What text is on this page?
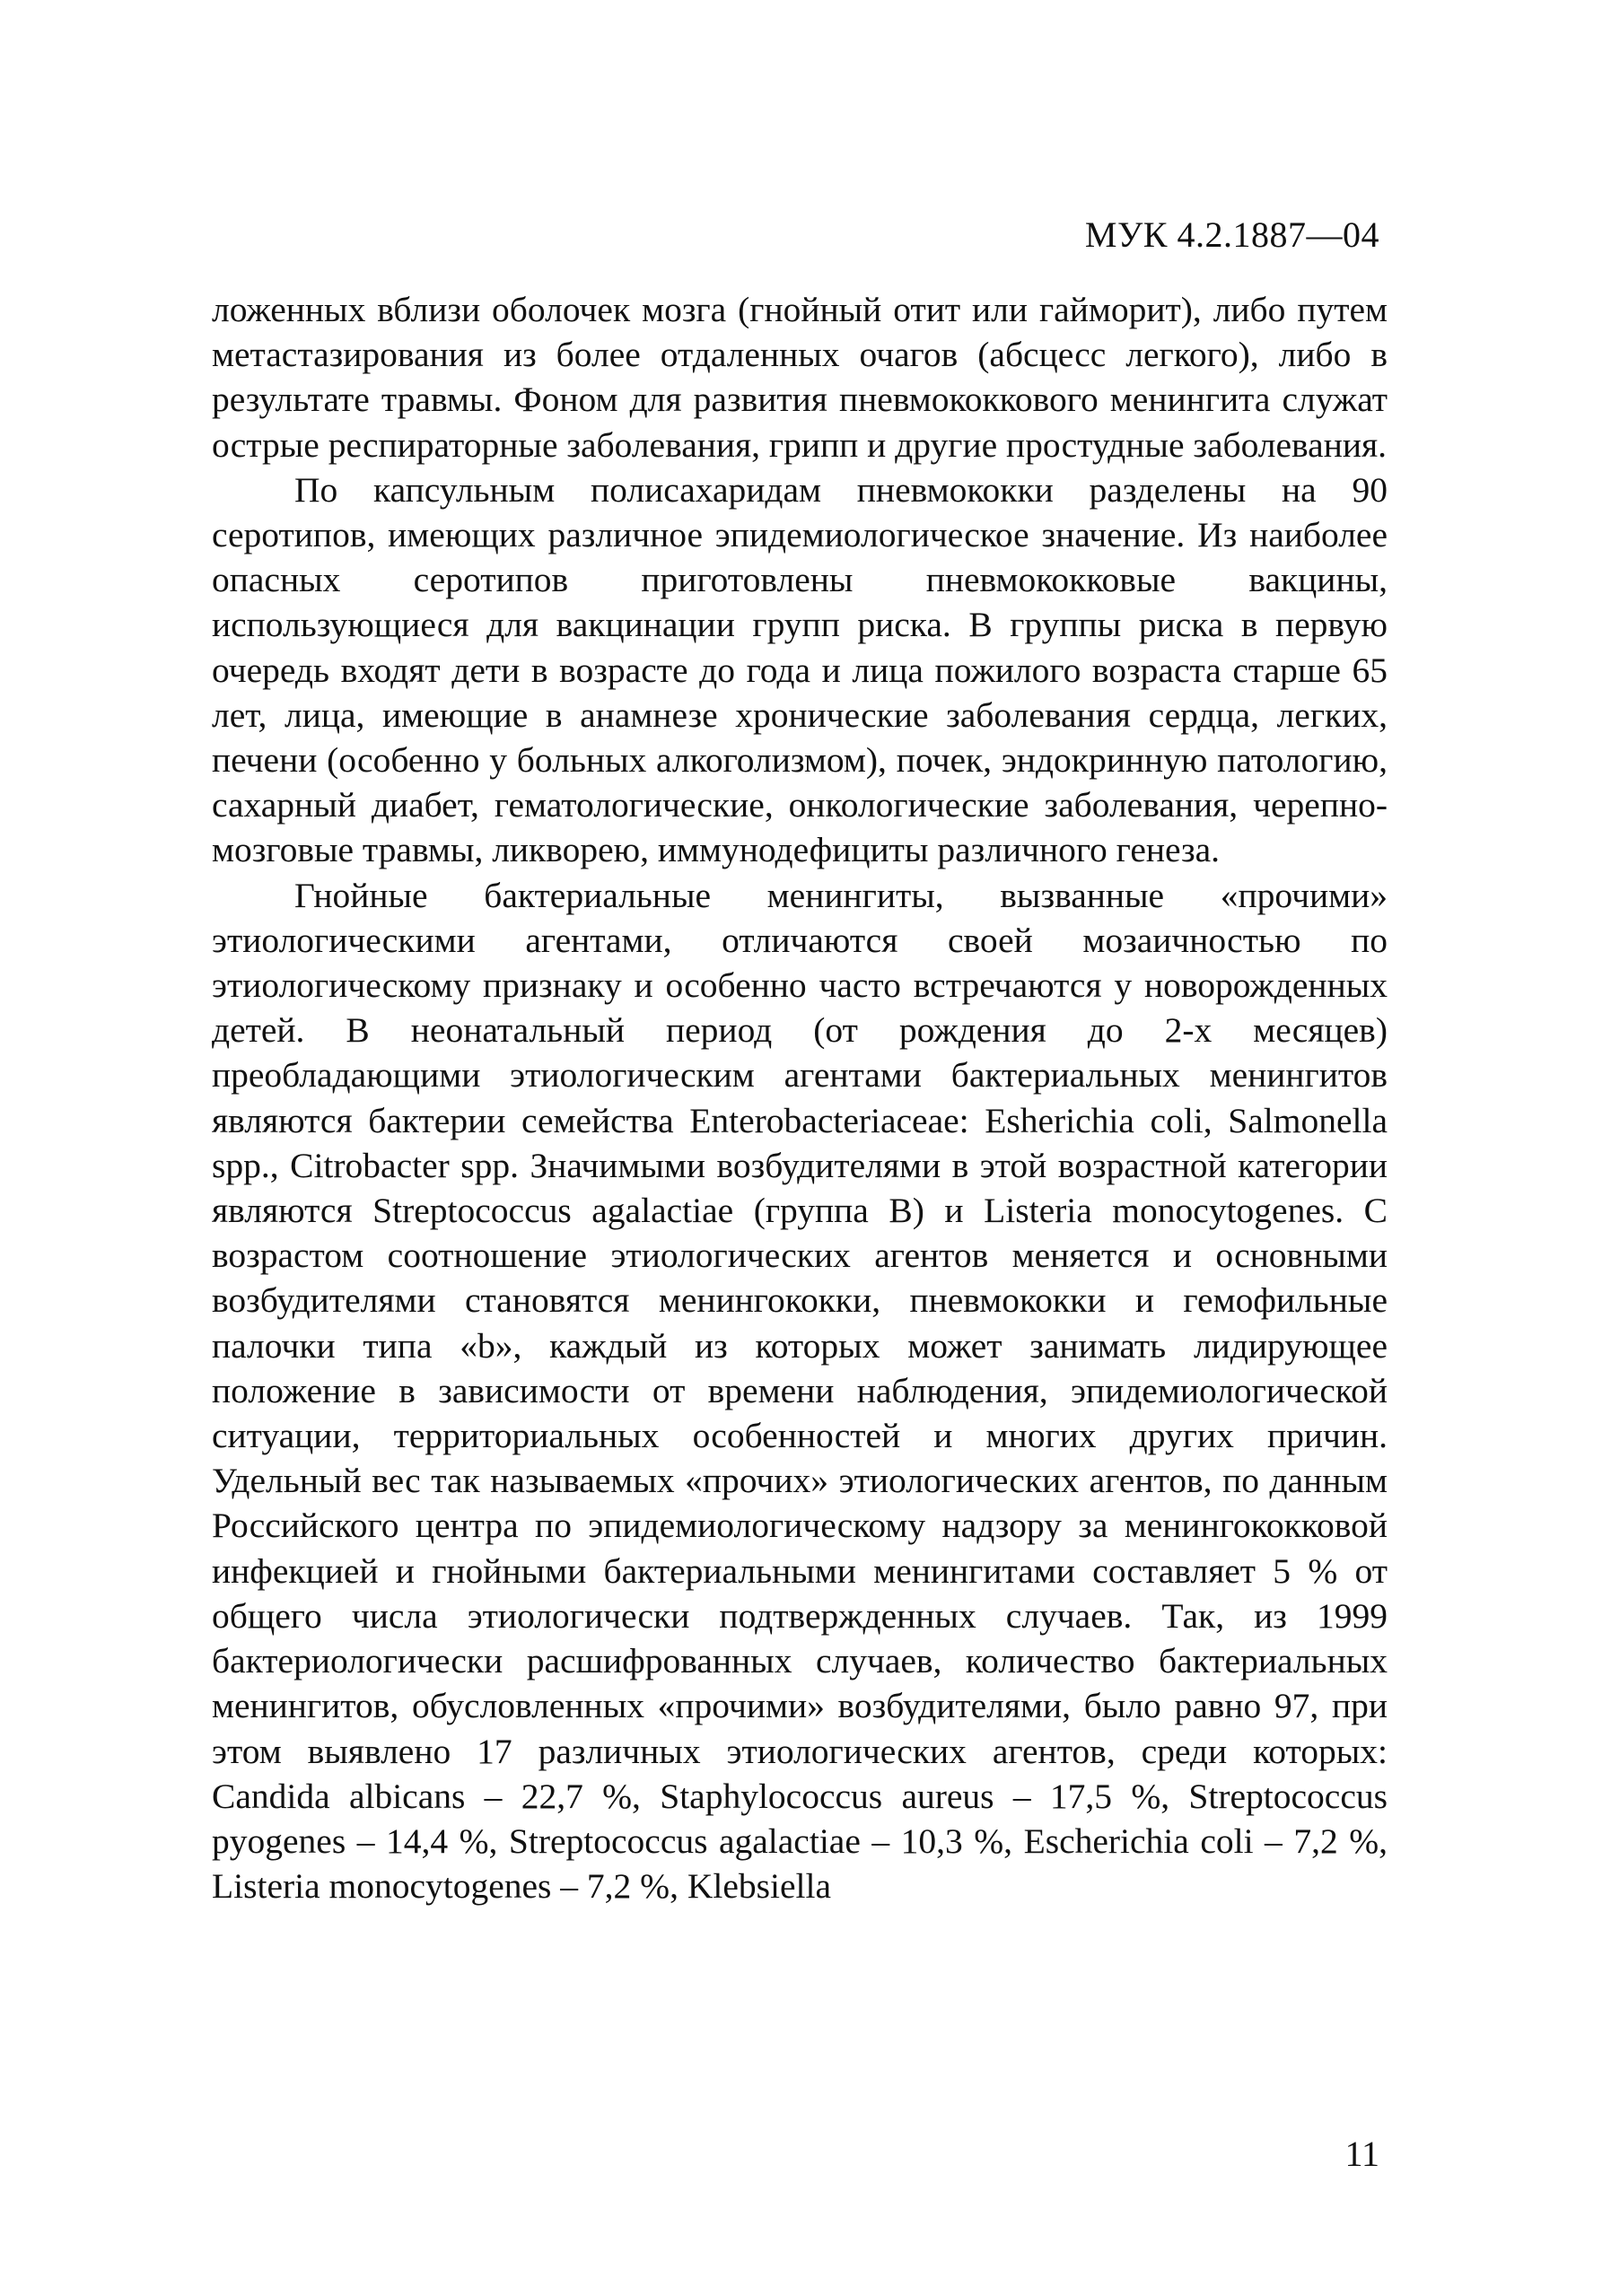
МУК 4.2.1887—04

ложенных вблизи оболочек мозга (гнойный отит или гайморит), либо путем метастазирования из более отдаленных очагов (абсцесс легкого), либо в результате травмы. Фоном для развития пневмококкового менингита служат острые респираторные заболевания, грипп и другие простудные заболевания.

По капсульным полисахаридам пневмококки разделены на 90 серотипов, имеющих различное эпидемиологическое значение. Из наиболее опасных серотипов приготовлены пневмококковые вакцины, использующиеся для вакцинации групп риска. В группы риска в первую очередь входят дети в возрасте до года и лица пожилого возраста старше 65 лет, лица, имеющие в анамнезе хронические заболевания сердца, легких, печени (особенно у больных алкоголизмом), почек, эндокринную патологию, сахарный диабет, гематологические, онкологические заболевания, черепно-мозговые травмы, ликворею, иммунодефициты различного генеза.

Гнойные бактериальные менингиты, вызванные «прочими» этиологическими агентами, отличаются своей мозаичностью по этиологическому признаку и особенно часто встречаются у новорожденных детей. В неонатальный период (от рождения до 2-х месяцев) преобладающими этиологическим агентами бактериальных менингитов являются бактерии семейства Enterobacteriaceae: Esherichia coli, Salmonella spp., Citrobacter spp. Значимыми возбудителями в этой возрастной категории являются Streptococcus agalactiae (группа В) и Listeria monocytogenes. С возрастом соотношение этиологических агентов меняется и основными возбудителями становятся менингококки, пневмококки и гемофильные палочки типа «b», каждый из которых может занимать лидирующее положение в зависимости от времени наблюдения, эпидемиологической ситуации, территориальных особенностей и многих других причин. Удельный вес так называемых «прочих» этиологических агентов, по данным Российского центра по эпидемиологическому надзору за менингококковой инфекцией и гнойными бактериальными менингитами составляет 5 % от общего числа этиологически подтвержденных случаев. Так, из 1999 бактериологически расшифрованных случаев, количество бактериальных менингитов, обусловленных «прочими» возбудителями, было равно 97, при этом выявлено 17 различных этиологических агентов, среди которых: Candida albicans – 22,7 %, Staphylococcus aureus – 17,5 %, Streptococcus pyogenes – 14,4 %, Streptococcus agalactiae – 10,3 %, Escherichia coli – 7,2 %, Listeria monocytogenes – 7,2 %, Klebsiella

11
